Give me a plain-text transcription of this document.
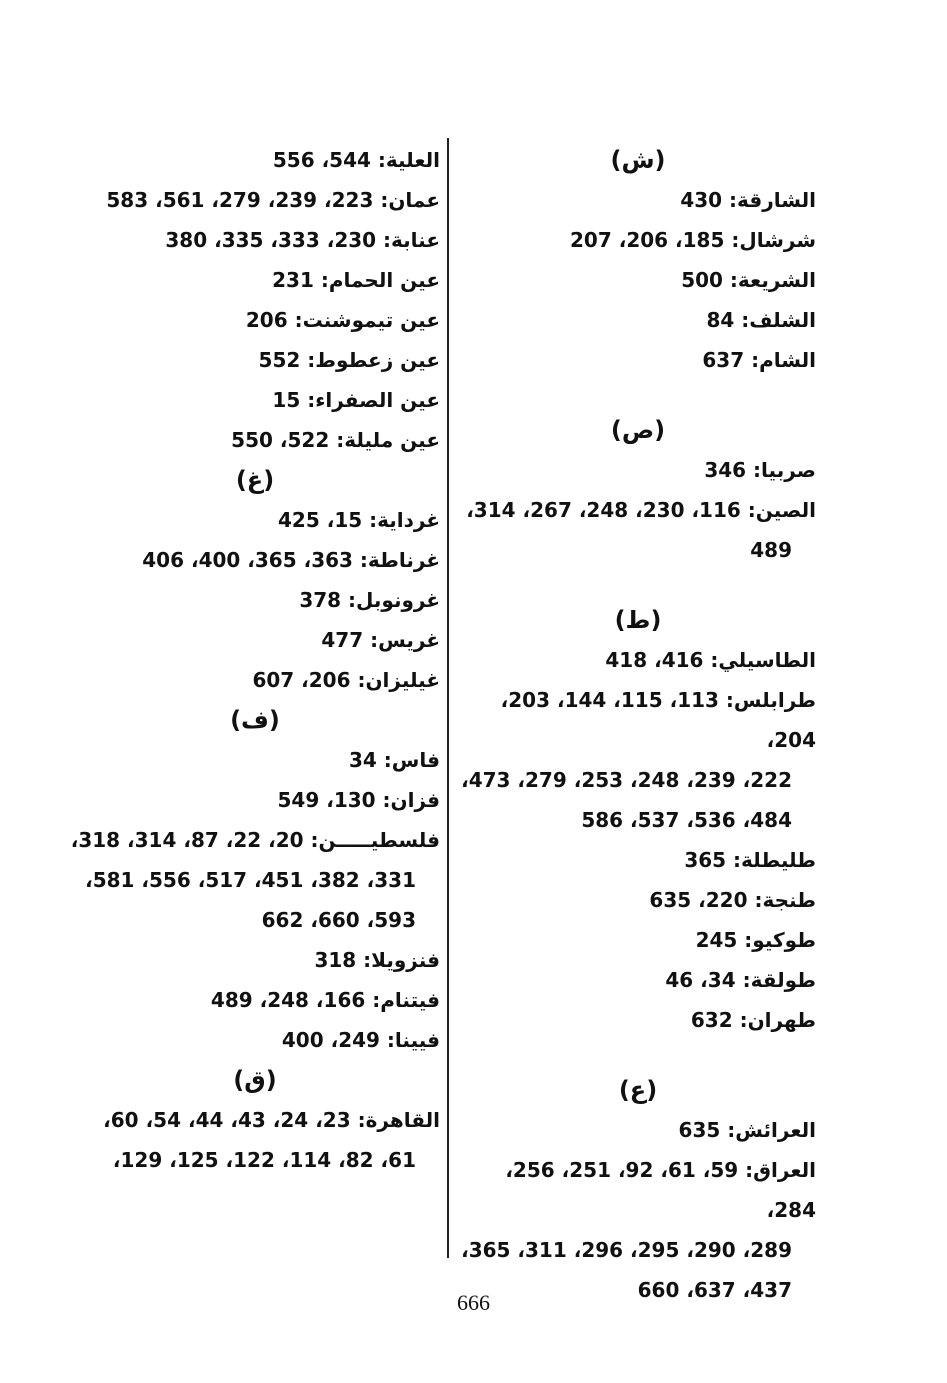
(ش)
الشارقة: 430
شرشال: 185، 206، 207
الشريعة: 500
الشلف: 84
الشام: 637
(ص)
صربيا: 346
الصين: 116، 230، 248، 267، 314،
489
(ط)
الطاسيلي: 416، 418
طرابلس: 113، 115، 144، 203، 204،
222، 239، 248، 253، 279، 473،
484، 536، 537، 586
طليطلة: 365
طنجة: 220، 635
طوكيو: 245
طولقة: 34، 46
طهران: 632
(ع)
العرائش: 635
العراق: 59، 61، 92، 251، 256، 284،
289، 290، 295، 296، 311، 365،
437، 637، 660
العلية: 544، 556
عمان: 223، 239، 279، 561، 583
عنابة: 230، 333، 335، 380
عين الحمام: 231
عين تيموشنت: 206
عين زعطوط: 552
عين الصفراء: 15
عين مليلة: 522، 550
(غ)
غرداية: 15، 425
غرناطة: 363، 365، 400، 406
غرونوبل: 378
غريس: 477
غيليزان: 206، 607
(ف)
فاس: 34
فزان: 130، 549
فلسطيـــــن: 20، 22، 87، 314، 318،
331، 382، 451، 517، 556، 581،
593، 660، 662
فنزويلا: 318
فيتنام: 166، 248، 489
فيينا: 249، 400
(ق)
القاهرة: 23، 24، 43، 44، 54، 60،
61، 82، 114، 122، 125، 129،
666
